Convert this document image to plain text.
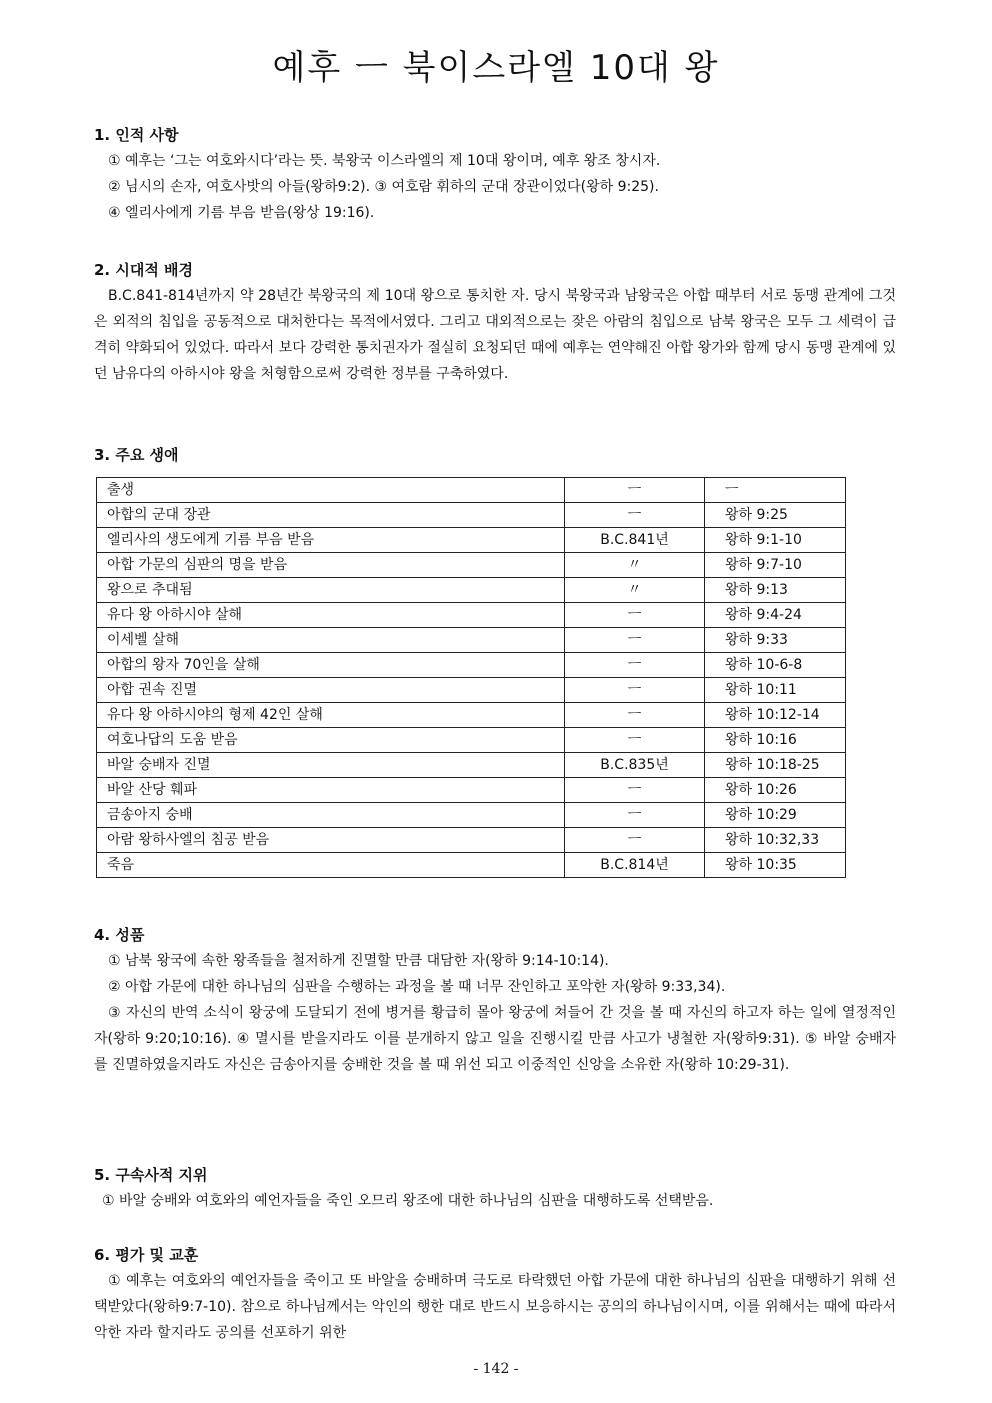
예후 ㅡ 북이스라엘 10대 왕

1. 인적 사항

① 예후는 ‘그는 여호와시다’라는 뜻. 북왕국 이스라엘의 제 10대 왕이며, 예후 왕조 창시자.

② 님시의 손자, 여호사밧의 아들(왕하9:2). ③ 여호람 휘하의 군대 장관이었다(왕하 9:25).

④ 엘리사에게 기름 부음 받음(왕상 19:16).

2. 시대적 배경

B.C.841-814년까지 약 28년간 북왕국의 제 10대 왕으로 통치한 자. 당시 북왕국과 남왕국은 아합 때부터 서로 동맹 관계에 그것은 외적의 침입을 공동적으로 대처한다는 목적에서였다. 그리고 대외적으로는 잦은 아람의 침입으로 남북 왕국은 모두 그 세력이 급격히 약화되어 있었다. 따라서 보다 강력한 통치권자가 절실히 요청되던 때에 예후는 연약해진 아합 왕가와 함께 당시 동맹 관계에 있던 남유다의 아하시야 왕을 처형함으로써 강력한 정부를 구축하였다.

3. 주요 생애

출생	ㅡ	ㅡ
아합의 군대 장관	ㅡ	왕하 9:25
엘리사의 생도에게 기름 부음 받음	B.C.841년	왕하 9:1-10
아합 가문의 심판의 명을 받음	〃	왕하 9:7-10
왕으로 추대됨	〃	왕하 9:13
유다 왕 아하시야 살해	ㅡ	왕하 9:4-24
이세벨 살해	ㅡ	왕하 9:33
아합의 왕자 70인을 살해	ㅡ	왕하 10-6-8
아합 권속 진멸	ㅡ	왕하 10:11
유다 왕 아하시야의 형제 42인 살해	ㅡ	왕하 10:12-14
여호나답의 도움 받음	ㅡ	왕하 10:16
바알 숭배자 진멸	B.C.835년	왕하 10:18-25
바알 산당 훼파	ㅡ	왕하 10:26
금송아지 숭배	ㅡ	왕하 10:29
아람 왕하사엘의 침공 받음	ㅡ	왕하 10:32,33
죽음	B.C.814년	왕하 10:35

4. 성품

① 남북 왕국에 속한 왕족들을 철저하게 진멸할 만큼 대담한 자(왕하 9:14-10:14).

② 아합 가문에 대한 하나님의 심판을 수행하는 과정을 볼 때 너무 잔인하고 포악한 자(왕하 9:33,34).

③ 자신의 반역 소식이 왕궁에 도달되기 전에 병거를 황급히 몰아 왕궁에 쳐들어 간 것을 볼 때 자신의 하고자 하는 일에 열정적인 자(왕하 9:20;10:16). ④ 멸시를 받을지라도 이를 분개하지 않고 일을 진행시킬 만큼 사고가 냉철한 자(왕하9:31). ⑤ 바알 숭배자를 진멸하였을지라도 자신은 금송아지를 숭배한 것을 볼 때 위선 되고 이중적인 신앙을 소유한 자(왕하 10:29-31).

5. 구속사적 지위

① 바알 숭배와 여호와의 예언자들을 죽인 오므리 왕조에 대한 하나님의 심판을 대행하도록 선택받음.

6. 평가 및 교훈

① 예후는 여호와의 예언자들을 죽이고 또 바알을 숭배하며 극도로 타락했던 아합 가문에 대한 하나님의 심판을 대행하기 위해 선택받았다(왕하9:7-10). 참으로 하나님께서는 악인의 행한 대로 반드시 보응하시는 공의의 하나님이시며, 이를 위해서는 때에 따라서 악한 자라 할지라도 공의를 선포하기 위한

- 142 -
